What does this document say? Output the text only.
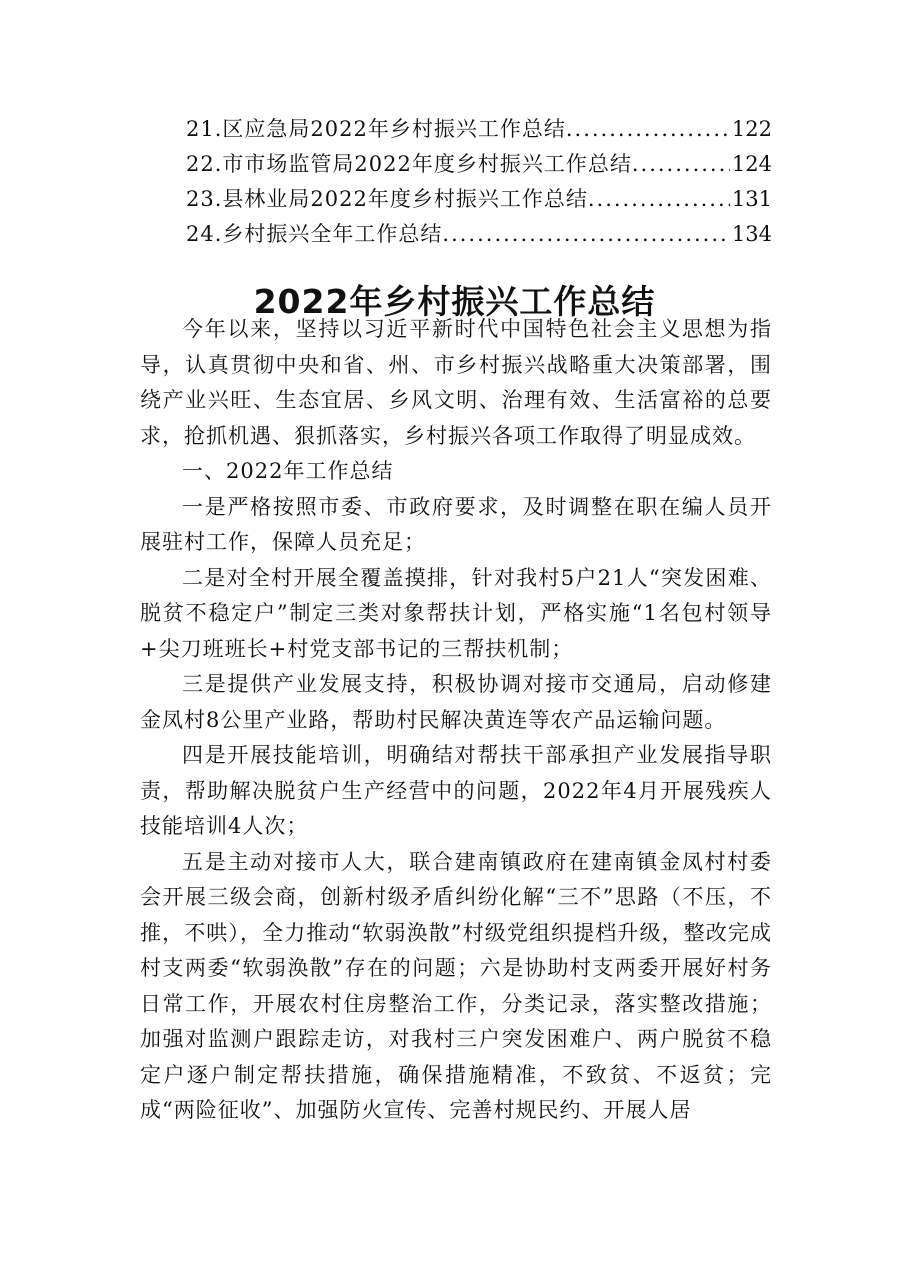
21.区应急局2022年乡村振兴工作总结 .....	122
22.市市场监管局2022年度乡村振兴工作总结 .....	124
23.县林业局2022年度乡村振兴工作总结 .....	131
24.乡村振兴全年工作总结 .....	134
2022年乡村振兴工作总结

今年以来，坚持以习近平新时代中国特色社会主义思想为指导，认真贯彻中央和省、州、市乡村振兴战略重大决策部署，围绕产业兴旺、生态宜居、乡风文明、治理有效、生活富裕的总要求，抢抓机遇、狠抓落实，乡村振兴各项工作取得了明显成效。

一、2022年工作总结

一是严格按照市委、市政府要求，及时调整在职在编人员开展驻村工作，保障人员充足；

二是对全村开展全覆盖摸排，针对我村5户21人“突发困难、脱贫不稳定户”制定三类对象帮扶计划，严格实施“1名包村领导+尖刀班班长+村党支部书记的三帮扶机制；

三是提供产业发展支持，积极协调对接市交通局，启动修建金凤村8公里产业路，帮助村民解决黄连等农产品运输问题。

四是开展技能培训，明确结对帮扶干部承担产业发展指导职责，帮助解决脱贫户生产经营中的问题，2022年4月开展残疾人技能培训4人次；

五是主动对接市人大，联合建南镇政府在建南镇金凤村村委会开展三级会商，创新村级矛盾纠纷化解“三不”思路（不压，不推，不哄），全力推动“软弱涣散”村级党组织提档升级，整改完成村支两委“软弱涣散”存在的问题；六是协助村支两委开展好村务日常工作，开展农村住房整治工作，分类记录，落实整改措施；加强对监测户跟踪走访，对我村三户突发困难户、两户脱贫不稳定户逐户制定帮扶措施，确保措施精准，不致贫、不返贫；完成“两险征收”、加强防火宣传、完善村规民约、开展人居
